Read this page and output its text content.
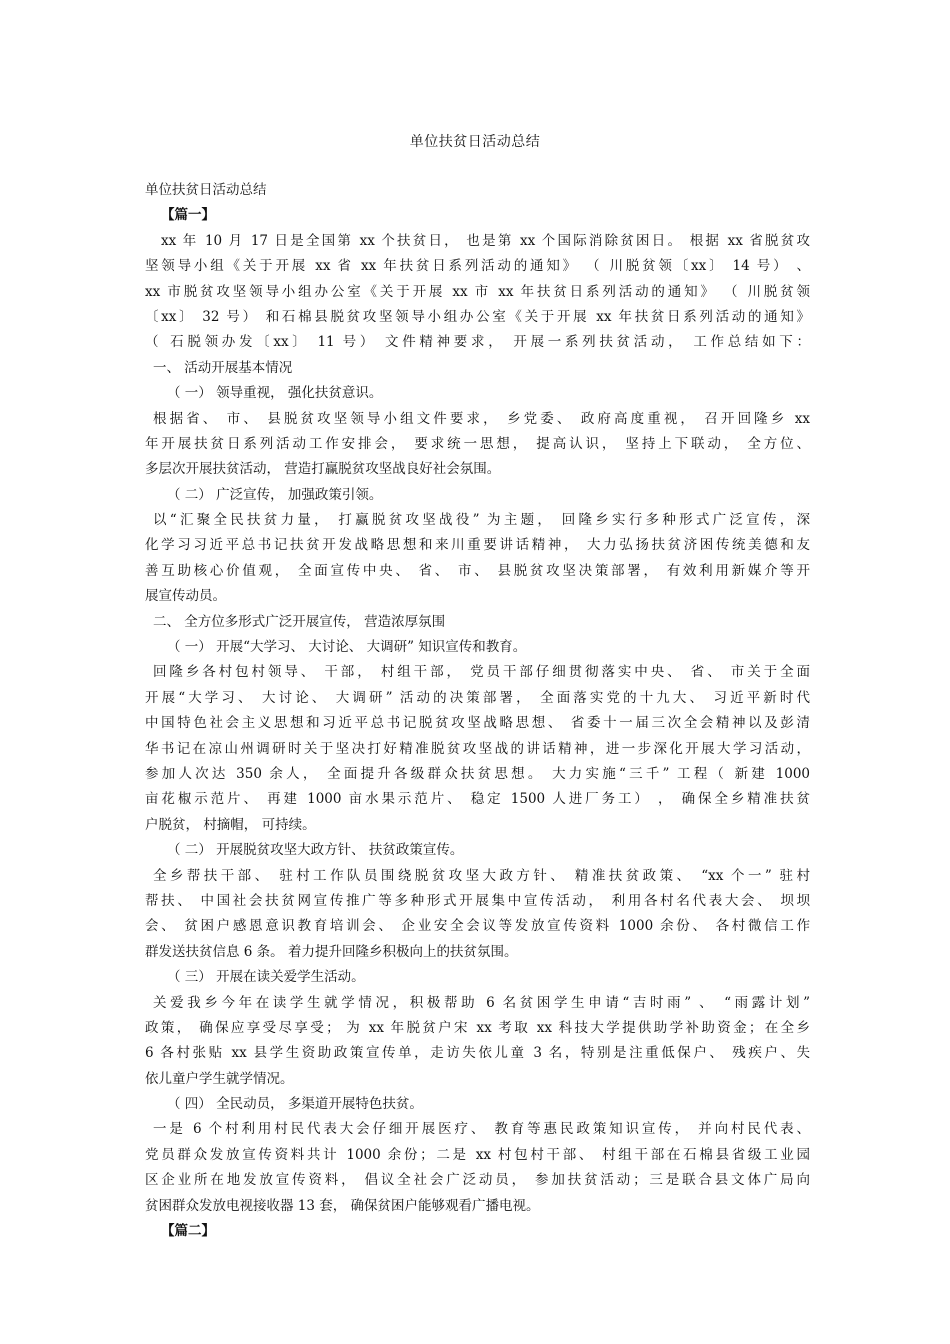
单位扶贫日活动总结
单位扶贫日活动总结
【篇一】
xx 年 10 月 17 日是全国第 xx 个扶贫日， 也是第 xx 个国际消除贫困日。 根据 xx 省脱贫攻
坚领导小组《关于开展 xx 省 xx 年扶贫日系列活动的通知》 （ 川脱贫领〔xx〕 14 号） 、
xx 市脱贫攻坚领导小组办公室《关于开展 xx 市 xx 年扶贫日系列活动的通知》 （ 川脱贫领
〔xx〕 32 号） 和石棉县脱贫攻坚领导小组办公室《关于开展 xx 年扶贫日系列活动的通知》
（ 石脱领办发〔xx〕 11 号） 文件精神要求， 开展一系列扶贫活动， 工作总结如下：
一、 活动开展基本情况
（ 一） 领导重视， 强化扶贫意识。
根据省、 市、 县脱贫攻坚领导小组文件要求， 乡党委、 政府高度重视， 召开回隆乡 xx
年开展扶贫日系列活动工作安排会， 要求统一思想， 提高认识， 坚持上下联动， 全方位、
多层次开展扶贫活动， 营造打赢脱贫攻坚战良好社会氛围。
（ 二） 广泛宣传， 加强政策引领。
以“汇聚全民扶贫力量， 打赢脱贫攻坚战役” 为主题， 回隆乡实行多种形式广泛宣传，深
化学习习近平总书记扶贫开发战略思想和来川重要讲话精神， 大力弘扬扶贫济困传统美德和友
善互助核心价值观， 全面宣传中央、 省、 市、 县脱贫攻坚决策部署， 有效利用新媒介等开
展宣传动员。
二、 全方位多形式广泛开展宣传， 营造浓厚氛围
（ 一） 开展“大学习、 大讨论、 大调研” 知识宣传和教育。
回隆乡各村包村领导、 干部， 村组干部， 党员干部仔细贯彻落实中央、 省、 市关于全面
开展“大学习、 大讨论、 大调研” 活动的决策部署， 全面落实党的十九大、 习近平新时代
中国特色社会主义思想和习近平总书记脱贫攻坚战略思想、 省委十一届三次全会精神以及彭清
华书记在凉山州调研时关于坚决打好精准脱贫攻坚战的讲话精神，进一步深化开展大学习活动，
参加人次达 350 余人， 全面提升各级群众扶贫思想。 大力实施“三千” 工程（ 新建 1000
亩花椒示范片、 再建 1000 亩水果示范片、 稳定 1500 人进厂务工） ， 确保全乡精准扶贫
户脱贫， 村摘帽， 可持续。
（ 二） 开展脱贫攻坚大政方针、 扶贫政策宣传。
全乡帮扶干部、 驻村工作队员围绕脱贫攻坚大政方针、 精准扶贫政策、 “xx 个一” 驻村
帮扶、 中国社会扶贫网宣传推广等多种形式开展集中宣传活动， 利用各村名代表大会、 坝坝
会、 贫困户感恩意识教育培训会、 企业安全会议等发放宣传资料 1000 余份、 各村微信工作
群发送扶贫信息 6 条。 着力提升回隆乡积极向上的扶贫氛围。
（ 三） 开展在读关爱学生活动。
关爱我乡今年在读学生就学情况，积极帮助 6 名贫困学生申请“吉时雨” 、 “雨露计划”
政策， 确保应享受尽享受； 为 xx 年脱贫户宋 xx 考取 xx 科技大学提供助学补助资金；在全乡
6 各村张贴 xx 县学生资助政策宣传单，走访失依儿童 3 名，特别是注重低保户、 残疾户、失
依儿童户学生就学情况。
（ 四） 全民动员， 多渠道开展特色扶贫。
一是 6 个村利用村民代表大会仔细开展医疗、 教育等惠民政策知识宣传， 并向村民代表、
党员群众发放宣传资料共计 1000 余份；二是 xx 村包村干部、 村组干部在石棉县省级工业园
区企业所在地发放宣传资料， 倡议全社会广泛动员， 参加扶贫活动；三是联合县文体广局向
贫困群众发放电视接收器 13 套， 确保贫困户能够观看广播电视。
【篇二】
